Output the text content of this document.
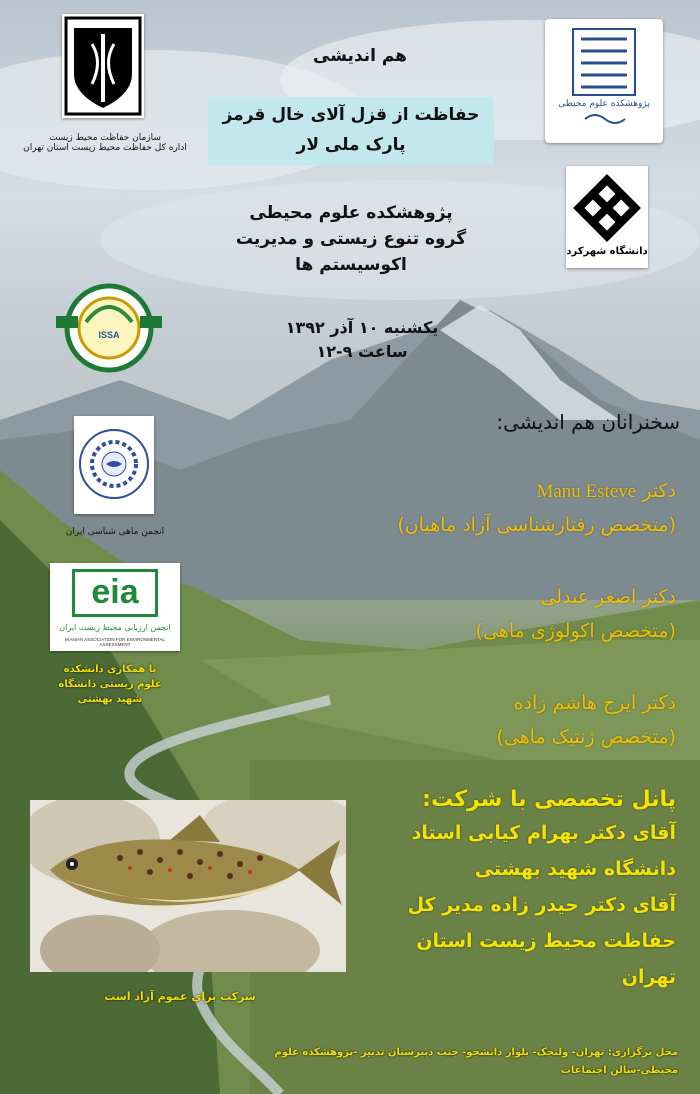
هم اندیشی
حفاظت از قزل آلای خال قرمز
پارک ملی لار
پژوهشکده علوم محیطی
گروه تنوع زیستی و مدیریت
اکوسیستم ها
یکشنبه ۱۰ آذر ۱۳۹۲
ساعت ۹-۱۲
سازمان حفاظت محیط زیست
اداره کل حفاظت محیط زیست استان تهران
پژوهشکده علوم محیطی
دانشگاه شهرکرد
ISSA
انجمن ماهی شناسی ایران
eia
انجمن ارزیابی محیط زیست ایران
IRANIAN ASSOCIATION FOR ENVIRONMENTAL ASSESSMENT
با همکاری دانشکده
علوم زیستی دانشگاه
شهید بهشتی
سخنرانان هم اندیشی:
Manu Esteve دکتر
(متخصص رفتارشناسی آزاد ماهیان)
دکتر اصغر عبدلی
(متخصص اکولوژی ماهی)
دکتر ایرج هاشم زاده
(متخصص ژنتیک ماهی)
پانل تخصصی با شرکت:
آقای دکتر بهرام کیابی استاد
دانشگاه شهید بهشتی
آقای دکتر حیدر زاده مدیر کل
حفاظت محیط زیست استان
تهران
شرکت برای عموم آزاد است
محل برگزاری: تهران- ولنجک- بلوار دانشجو- جنب دبیرستان تدبیر -پژوهشکده علوم
محیطی-سالن اجتماعات
